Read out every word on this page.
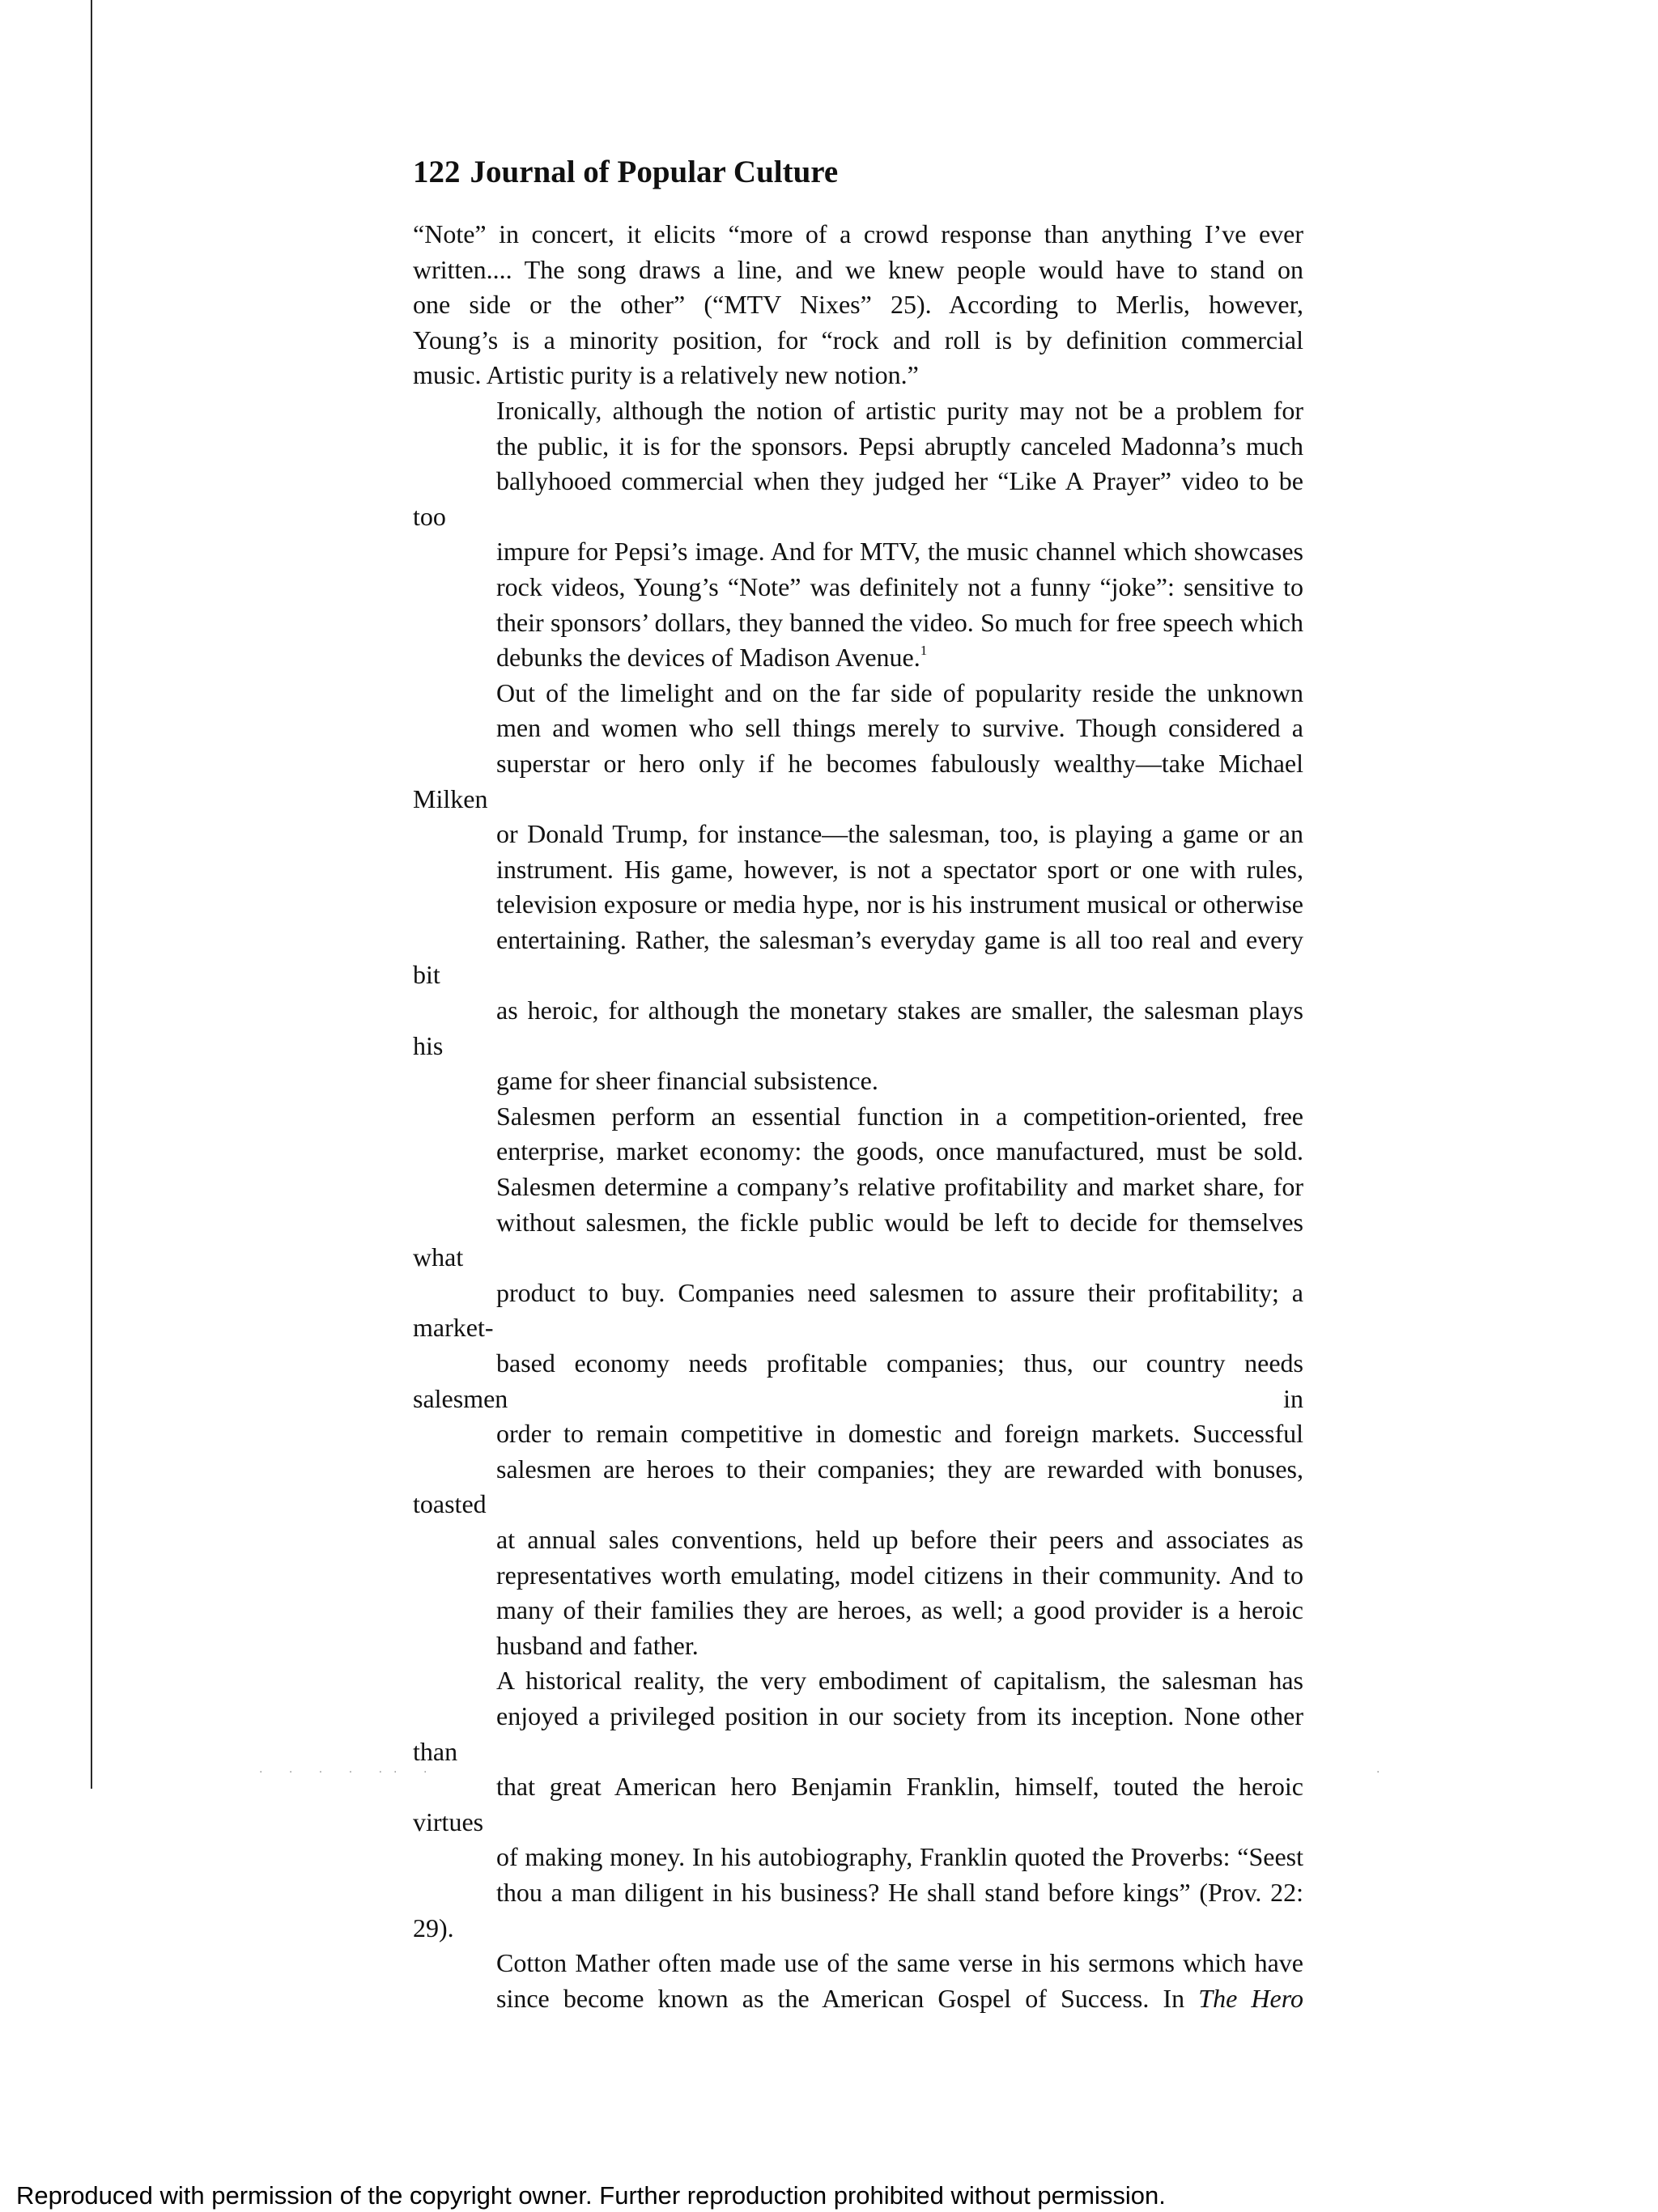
122 Journal of Popular Culture

“Note” in concert, it elicits “more of a crowd response than anything I’ve ever
written.... The song draws a line, and we knew people would have to stand on
one side or the other” (“MTV Nixes” 25). According to Merlis, however,
Young’s is a minority position, for “rock and roll is by definition commercial
music. Artistic purity is a relatively new notion.”

Ironically, although the notion of artistic purity may not be a problem for
the public, it is for the sponsors. Pepsi abruptly canceled Madonna’s much
ballyhooed commercial when they judged her “Like A Prayer” video to be too
impure for Pepsi’s image. And for MTV, the music channel which showcases
rock videos, Young’s “Note” was definitely not a funny “joke”: sensitive to
their sponsors’ dollars, they banned the video. So much for free speech which
debunks the devices of Madison Avenue.$^1$

Out of the limelight and on the far side of popularity reside the unknown
men and women who sell things merely to survive. Though considered a
superstar or hero only if he becomes fabulously wealthy—take Michael Milken
or Donald Trump, for instance—the salesman, too, is playing a game or an
instrument. His game, however, is not a spectator sport or one with rules,
television exposure or media hype, nor is his instrument musical or otherwise
entertaining. Rather, the salesman’s everyday game is all too real and every bit
as heroic, for although the monetary stakes are smaller, the salesman plays his
game for sheer financial subsistence.

Salesmen perform an essential function in a competition-oriented, free
enterprise, market economy: the goods, once manufactured, must be sold.
Salesmen determine a company’s relative profitability and market share, for
without salesmen, the fickle public would be left to decide for themselves what
product to buy. Companies need salesmen to assure their profitability; a market-
based economy needs profitable companies; thus, our country needs salesmen in
order to remain competitive in domestic and foreign markets. Successful
salesmen are heroes to their companies; they are rewarded with bonuses, toasted
at annual sales conventions, held up before their peers and associates as
representatives worth emulating, model citizens in their community. And to
many of their families they are heroes, as well; a good provider is a heroic
husband and father.

A historical reality, the very embodiment of capitalism, the salesman has
enjoyed a privileged position in our society from its inception. None other than
that great American hero Benjamin Franklin, himself, touted the heroic virtues
of making money. In his autobiography, Franklin quoted the Proverbs: “Seest
thou a man diligent in his business? He shall stand before kings” (Prov. 22: 29).
Cotton Mather often made use of the same verse in his sermons which have
since become known as the American Gospel of Success. In The Hero

· · · · ·· ·	·
Reproduced with permission of the copyright owner. Further reproduction prohibited without permission.
